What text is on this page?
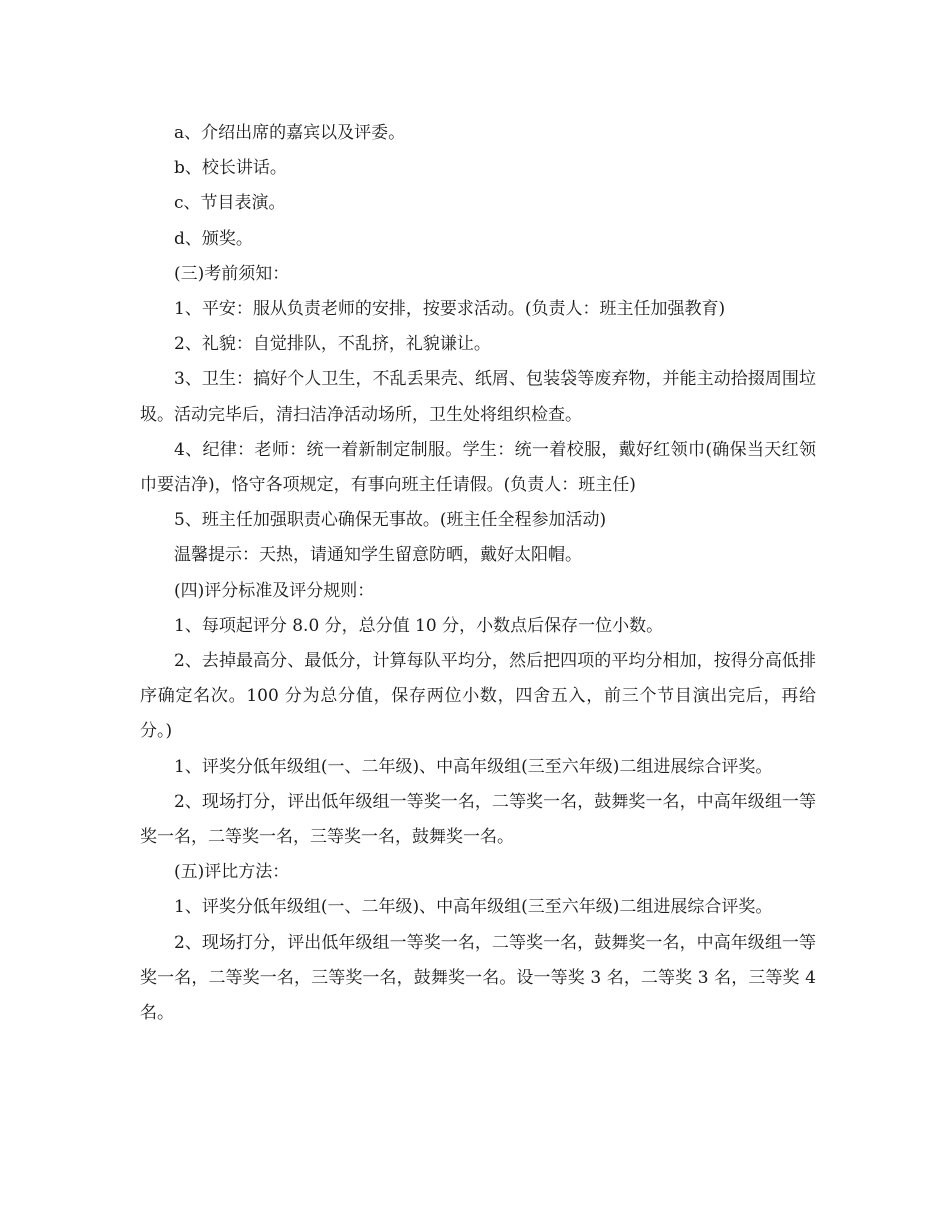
a、介绍出席的嘉宾以及评委。

b、校长讲话。

c、节目表演。

d、颁奖。

(三)考前须知：

1、平安：服从负责老师的安排，按要求活动。(负责人：班主任加强教育)

2、礼貌：自觉排队，不乱挤，礼貌谦让。

3、卫生：搞好个人卫生，不乱丢果壳、纸屑、包装袋等废弃物，并能主动拾掇周围垃圾。活动完毕后，清扫洁净活动场所，卫生处将组织检查。

4、纪律：老师：统一着新制定制服。学生：统一着校服，戴好红领巾(确保当天红领巾要洁净)，恪守各项规定，有事向班主任请假。(负责人：班主任)

5、班主任加强职责心确保无事故。(班主任全程参加活动)

温馨提示：天热，请通知学生留意防晒，戴好太阳帽。

(四)评分标准及评分规则：

1、每项起评分 8.0 分，总分值 10 分，小数点后保存一位小数。

2、去掉最高分、最低分，计算每队平均分，然后把四项的平均分相加，按得分高低排序确定名次。100 分为总分值，保存两位小数，四舍五入，前三个节目演出完后，再给分。)

1、评奖分低年级组(一、二年级)、中高年级组(三至六年级)二组进展综合评奖。

2、现场打分，评出低年级组一等奖一名，二等奖一名，鼓舞奖一名，中高年级组一等奖一名，二等奖一名，三等奖一名，鼓舞奖一名。

(五)评比方法：

1、评奖分低年级组(一、二年级)、中高年级组(三至六年级)二组进展综合评奖。

2、现场打分，评出低年级组一等奖一名，二等奖一名，鼓舞奖一名，中高年级组一等奖一名，二等奖一名，三等奖一名，鼓舞奖一名。设一等奖 3 名，二等奖 3 名，三等奖 4 名。
